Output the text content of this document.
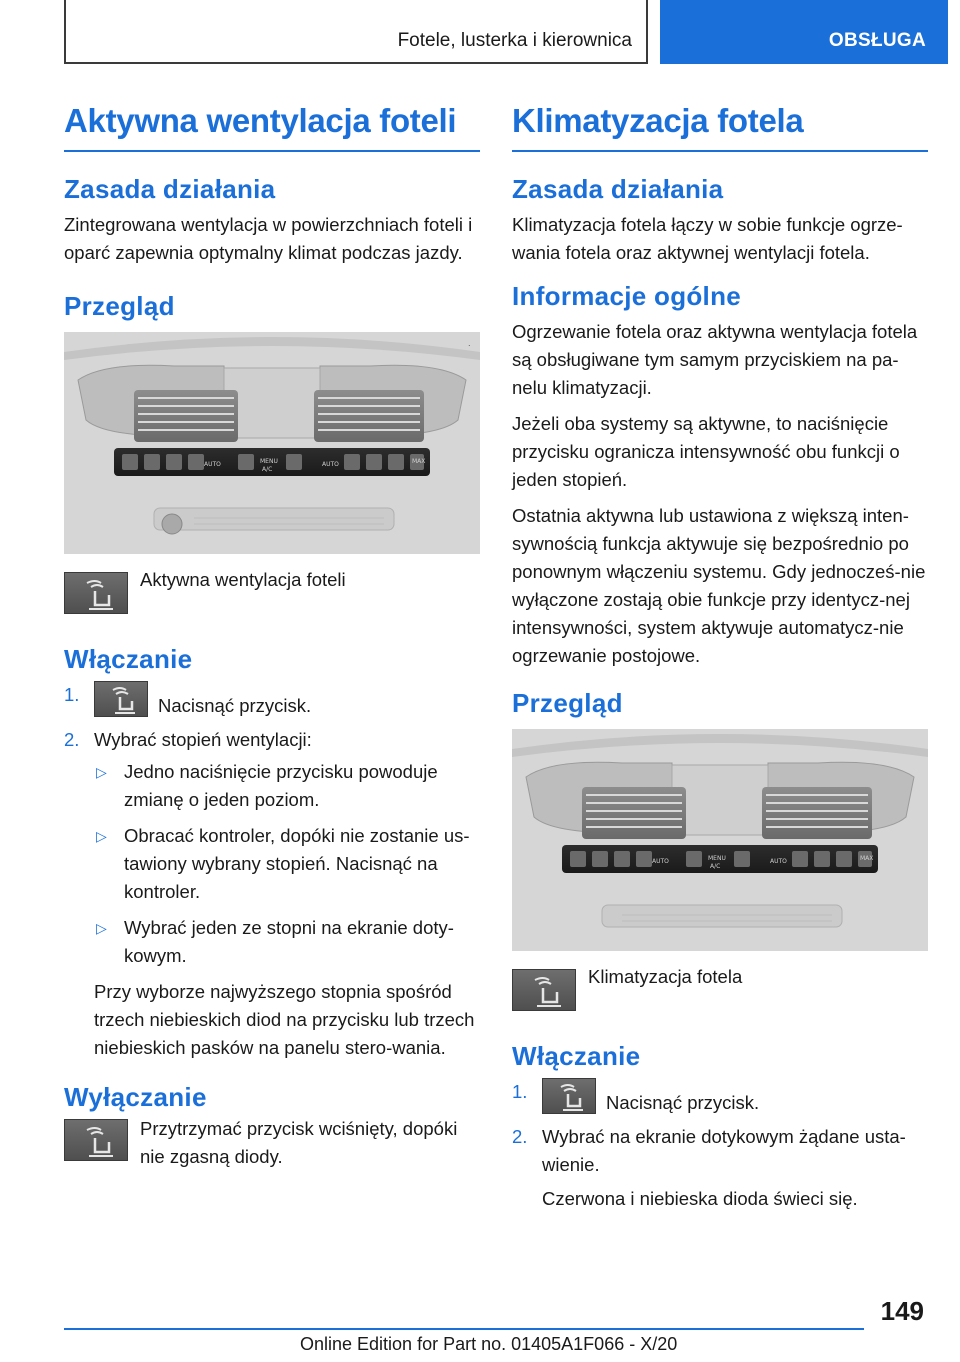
Fotele, lusterka i kierownica	OBSŁUGA
Aktywna wentylacja foteli
Zasada działania

Zintegrowana wentylacja w powierzchniach foteli i oparć zapewnia optymalny klimat podczas jazdy.

Przegląd
AUTO	MENU
A/C
AUTO	MAX
.
Aktywna wentylacja foteli
Włączanie
1.
Nacisnąć przycisk.
2. Wybrać stopień wentylacji:
▷ Jedno naciśnięcie przycisku powoduje zmianę o jeden poziom.
▷ Obracać kontroler, dopóki nie zostanie us-tawiony wybrany stopień. Nacisnąć na kontroler.
▷ Wybrać jeden ze stopni na ekranie doty-kowym.

Przy wyborze najwyższego stopnia spośród trzech niebieskich diod na przycisku lub trzech niebieskich pasków na panelu stero-wania.

Wyłączanie
Przytrzymać przycisk wciśnięty, dopóki nie zgasną diody.
Klimatyzacja fotela
Zasada działania

Klimatyzacja fotela łączy w sobie funkcje ogrze-wania fotela oraz aktywnej wentylacji fotela.

Informacje ogólne

Ogrzewanie fotela oraz aktywna wentylacja fotela są obsługiwane tym samym przyciskiem na pa-nelu klimatyzacji.

Jeżeli oba systemy są aktywne, to naciśnięcie przycisku ogranicza intensywność obu funkcji o jeden stopień.

Ostatnia aktywna lub ustawiona z większą inten-sywnością funkcja aktywuje się bezpośrednio po ponownym włączeniu systemu. Gdy jednocześ-nie wyłączone zostają obie funkcje przy identycz-nej intensywności, system aktywuje automatycz-nie ogrzewanie postojowe.

Przegląd
AUTO	MENU
A/C
AUTO	MAX
Klimatyzacja fotela
Włączanie
1.
Nacisnąć przycisk.
2. Wybrać na ekranie dotykowym żądane usta-wienie.

Czerwona i niebieska dioda świeci się.

149
Online Edition for Part no. 01405A1F066 - X/20
